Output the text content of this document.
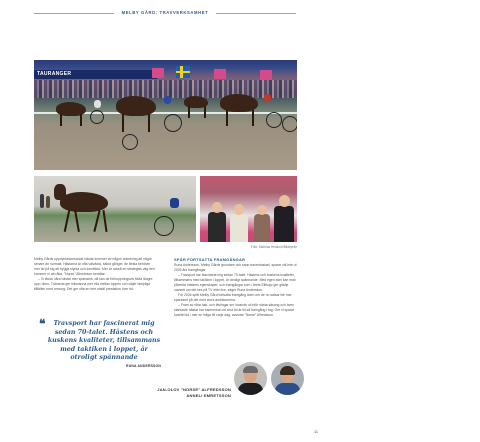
MELBY GÅRD: TRAVVERKSAMHET
TAURANGER
Foto: Mathias Hedlund/Bildbyrån

Melby Gårds uppnyckelsresande hästar kommer av någon anledning att något senare än normalt. Hästarna är ofta välväxta, säkra gånger, de flesta behöver mer tid på sig att bygga styrka och kondition. Mer är också en strategisk väg den kommer ni att råka. "Norse" Alfredsson berättar.

– Vi tävlar våra hästar mer sparsamt, då kan de förhoppningsvis tävla längre upp i åren. Tränarna ger fräsvanna mer vila mellan loppen och väljer lämpliga tillfällen med omsorg. Det ger ofta en mer stabil prestation över tid.

❝	Travsport har fascinerat mig sedan 70-talet. Hästens och kuskens kvaliteter, tillsammans med taktiken i loppet, är otroligt spännande
RUNA ANDERSSON
SPÅR FORTSATTA FRAMGÅNGAR

Runa Andersson, Melby Gårds grundare och sann traventusiast, sparar väl inte ut 2025 års framgångar.

– Travsport har fascinerat mig sedan 70-talet. Hästens och kuskens kvaliteter, tillsammans med taktiken i loppet, är otroligt spännande. Med egen avel kan man påverka hästens egenskaper, och framgångar som i årets Elitlopp ger glädje oavsett om det ses på TV eller live, säger Runa Andersson.

För 2026 spår Melby Gård fortsatta framgång även om de nu satsar lite mer sparsamt på det med stora ambitionerna.

– Fram av våra hak- och tävlingar ser lovande ut inför nästa säsong och även starkaste hästar har samverkat vid sina tid är till så framgång i tag. Om vi sparar kvalitet tid i mer en fråga till varje dag, avslutar "Norse" Alfredsson.

JAN-OLOV "NORSE" ALFREDSSON
ANNELI EMRETSSON
11
